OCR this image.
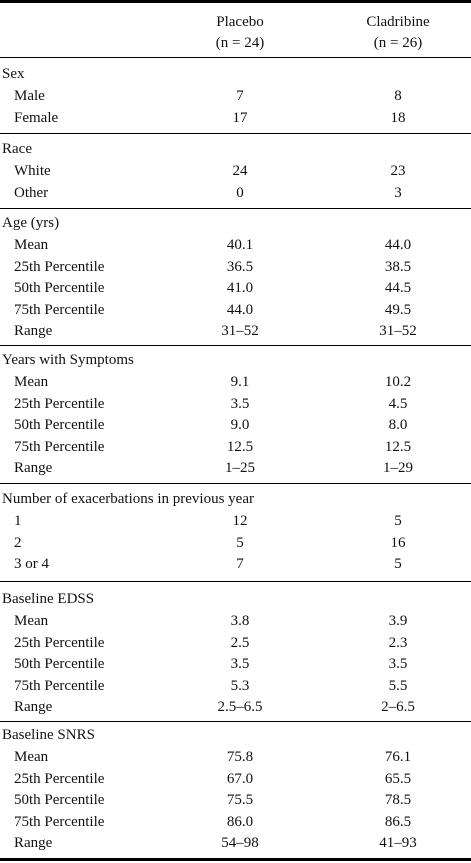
Placebo
(n = 24)
Cladribine
(n = 26)
Sex
Male	7	8
Female	17	18
Race
White	24	23
Other	0	3
Age (yrs)
Mean	40.1	44.0
25th Percentile	36.5	38.5
50th Percentile	41.0	44.5
75th Percentile	44.0	49.5
Range	31–52	31–52
Years with Symptoms
Mean	9.1	10.2
25th Percentile	3.5	4.5
50th Percentile	9.0	8.0
75th Percentile	12.5	12.5
Range	1–25	1–29
Number of exacerbations in previous year
1	12	5
2	5	16
3 or 4	7	5
Baseline EDSS
Mean	3.8	3.9
25th Percentile	2.5	2.3
50th Percentile	3.5	3.5
75th Percentile	5.3	5.5
Range	2.5–6.5	2–6.5
Baseline SNRS
Mean	75.8	76.1
25th Percentile	67.0	65.5
50th Percentile	75.5	78.5
75th Percentile	86.0	86.5
Range	54–98	41–93
